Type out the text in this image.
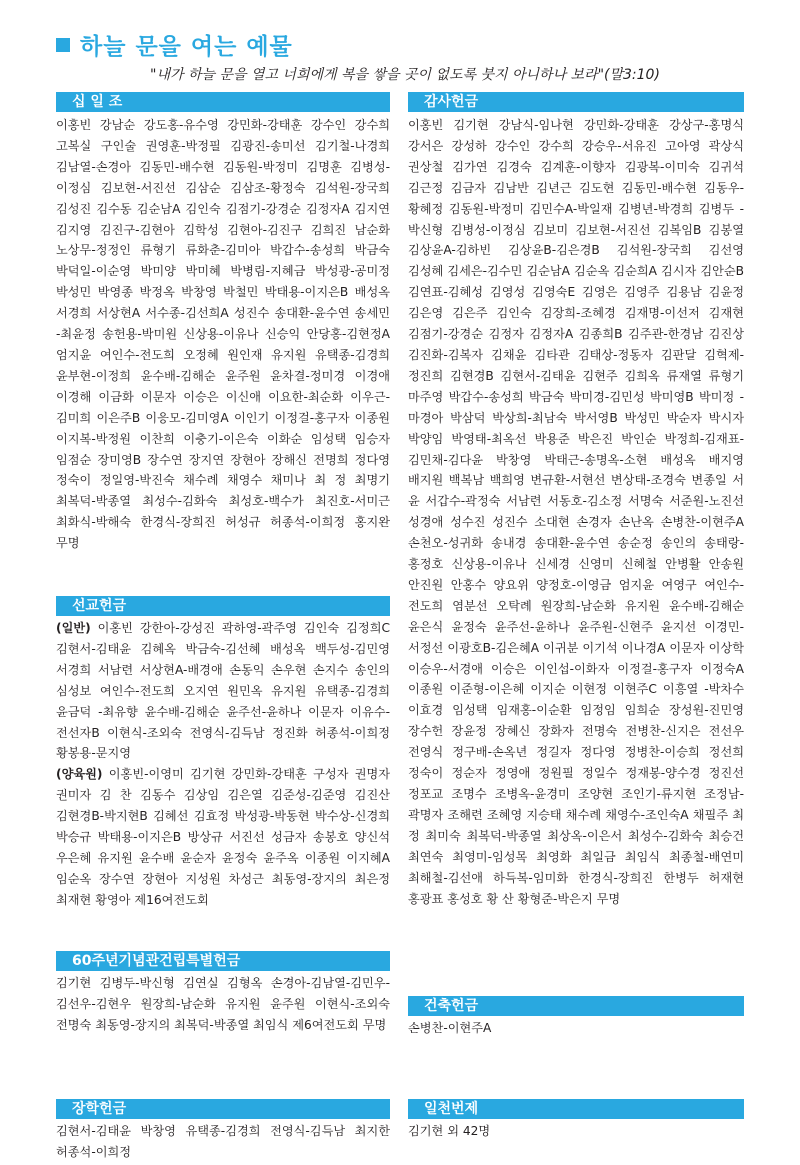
하늘 문을 여는 예물
"내가 하늘 문을 열고 너희에게 복을 쌓을 곳이 없도록 붓지 아니하나 보라"(말3:10)
십 일 조
이홍빈 강남순 강도홍-유수영 강민화-강태훈 강수인 강수희 고복실 구인술 권영훈-박정필 김광진-송미선 김기철-나경희 김남열-손경아 김동민-배수현 김동원-박정미 김명훈 김병성-이정심 김보현-서진선 김삼순 김삼조-황정숙 김석원-장국희 김성진 김수동 김순남A 김인숙 김점기-강경순 김정자A 김지연 김지영 김진구-김현아 김학성 김현아-김진구 김희진 남순화 노상무-정정인 류형기 류화춘-김미아 박갑수-송성희 박금숙 박덕일-이순영 박미양 박미혜 박병림-지혜금 박성광-공미정 박성민 박영종 박정옥 박창영 박철민 박태용-이지은B 배성옥 서경희 서상현A 서수종-김선희A 성진수 송대환-윤수연 송세민 -최윤정 송헌용-박미원 신상용-이유나 신승익 안당홍-김현정A 엄지윤 여인수-전도희 오정혜 원인재 유지원 유택종-김경희 윤부현-이정희 윤수배-김해순 윤주원 윤차결-정미경 이경애 이경해 이금화 이문자 이승은 이신애 이요한-최순화 이우근-김미희 이은주B 이응모-김미영A 이인기 이정걸-홍구자 이종원 이지복-박정원 이찬희 이충기-이은숙 이화순 임성택 임승자 임점순 장미영B 장수연 장지연 장현아 장해신 전명희 정다영 정숙이 정일영-박진숙 채수례 채영수 채미나 최 정 최명기 최복덕-박종열 최성수-김화숙 최성호-백수가 최진호-서미근 최화식-박해숙 한경식-장희진 허성규 허종석-이희정 홍지완 무명
선교헌금
(일반) 이홍빈 강한아-강성진 곽하영-곽주영 김인숙 김정희C 김현서-김태윤 김혜옥 박금숙-김선혜 배성옥 백두성-김민영 서경희 서남련 서상현A-배경애 손동익 손우현 손지수 송인의 심성보 여인수-전도희 오지연 원민옥 유지원 유택종-김경희 윤금덕 -최유향 윤수배-김해순 윤주선-윤하나 이문자 이유수-전선자B 이현식-조외숙 전영식-김득남 정진화 허종석-이희정 황봉용-문지영
(양육원) 이홍빈-이영미 김기현 강민화-강태훈 구성자 권명자 권미자 김 찬 김동수 김상임 김은열 김준성-김준영 김진산 김현경B-박지현B 김혜선 김효정 박성광-박동현 박수상-신경희 박승규 박태용-이지은B 방상규 서진선 성금자 송봉호 양신석 우은혜 유지원 윤수배 윤순자 윤정숙 윤주옥 이종원 이지혜A 임순옥 장수연 장현아 지성원 차성근 최동영-장지의 최은정 최재현 황영아 제16여전도회
60주년기념관건립특별헌금
김기현 김병두-박신형 김연실 김형옥 손경아-김남열-김민우-김선우-김현우 원장희-남순화 유지원 윤주원 이현식-조외숙 전명숙 최동영-장지의 최복덕-박종열 최임식 제6여전도회 무명
장학헌금
김현서-김태윤 박창영 유택종-김경희 전영식-김득남 최지한 허종석-이희정
감사헌금
이홍빈 김기현 강남식-임나현 강민화-강태훈 강상구-홍명식 강서은 강성하 강수인 강수희 강승우-서유진 고아영 곽상식 권상철 김가연 김경숙 김계훈-이향자 김광복-이미숙 김귀석 김근정 김금자 김남반 김년근 김도현 김동민-배수현 김동우-황혜정 김동원-박정미 김민수A-박일재 김병년-박경희 김병두 -박신형 김병성-이정심 김보미 김보현-서진선 김복임B 김봉열 김상윤A-김하빈 김상윤B-김은경B 김석원-장국희 김선영 김성혜 김세은-김수민 김순남A 김순옥 김순희A 김시자 김안순B 김연표-김혜성 김영성 김영숙E 김영은 김영주 김용남 김윤정 김은영 김은주 김인숙 김장희-조혜경 김재명-이선저 김재현 김점기-강경순 김정자 김정자A 김종희B 김주관-한경남 김진상 김진화-김복자 김채윤 김타관 김태상-정동자 김판달 김혁제-정진희 김현경B 김현서-김태윤 김현주 김희옥 류재열 류형기 마주영 박갑수-송성희 박금숙 박미경-김민성 박미영B 박미정 -마경아 박삼덕 박상희-최남숙 박서영B 박성민 박순자 박시자 박양임 박영태-최옥선 박용준 박은진 박인순 박정희-김재표-김민채-김다윤 박창영 박태근-송명옥-소현 배성옥 배지영 배지원 백복남 백희영 변규환-서현선 변상태-조경숙 변종일 서 윤 서갑수-곽정숙 서남련 서동호-김소정 서명숙 서준원-노진선 성경애 성수진 성진수 소대현 손경자 손난옥 손병찬-이현주A 손천오-성귀화 송내경 송대환-윤수연 송순정 송인의 송태랑-홍정호 신상용-이유나 신세경 신영미 신혜철 안병활 안송원 안진원 안홍수 양요위 양정호-이영금 엄지윤 여영구 여인수-전도희 염분선 오탁례 원장희-남순화 유지원 윤수배-김해순 윤은식 윤정숙 윤주선-윤하나 윤주원-신현주 윤지선 이경민-서정선 이광호B-김은혜A 이귀분 이기석 이나경A 이문자 이상학 이승우-서경애 이승은 이인섭-이화자 이정걸-홍구자 이정숙A 이종원 이준형-이은혜 이지순 이현정 이현주C 이흥열 -박차수 이효경 임성택 임재홍-이순환 임정임 임희순 장성원-진민영 장수헌 장윤정 장혜신 장화자 전명숙 전병찬-신지은 전선우 전영식 정구배-손옥년 정길자 정다영 정병찬-이승희 정선희 정숙이 정순자 정영애 정원필 정일수 정재봉-양수경 정진선 정포교 조명수 조병옥-윤경미 조양현 조인기-류지현 조정남-곽명자 조해련 조혜영 지승태 채수례 채영수-조인숙A 채필주 최 정 최미숙 최복덕-박종열 최상옥-이은서 최성수-김화숙 최승건 최연숙 최영미-임성목 최영화 최일금 최임식 최종철-배연미 최해철-김선애 하득복-임미화 한경식-장희진 한병두 허재현 홍광표 홍성호 황 산 황형준-박은지 무명
건축헌금
손병찬-이현주A
일천번제
김기현 외 42명
